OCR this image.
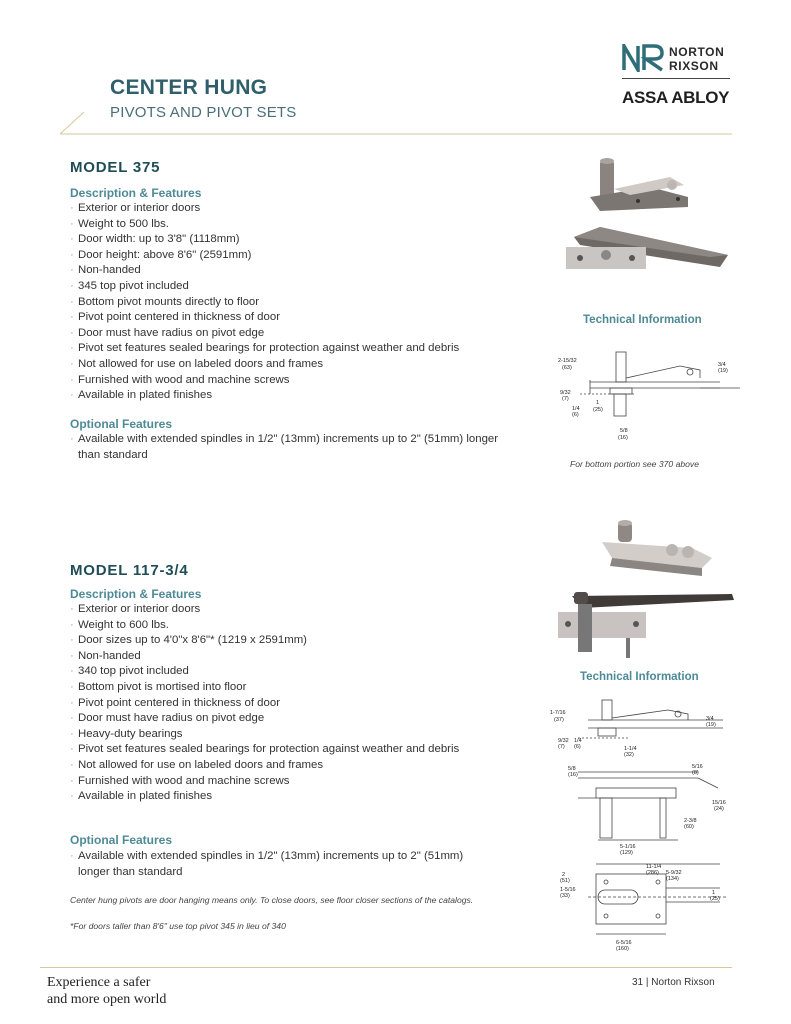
CENTER HUNG
PIVOTS AND PIVOT SETS
NORTON
RIXSON
ASSA ABLOY
MODEL 375
Description & Features
· Exterior or interior doors
· Weight to 500 lbs.
· Door width: up to 3'8" (1118mm)
· Door height: above 8'6" (2591mm)
· Non-handed
· 345 top pivot included
· Bottom pivot mounts directly to floor
· Pivot point centered in thickness of door
· Door must have radius on pivot edge
· Pivot set features sealed bearings for protection against weather and debris
· Not allowed for use on labeled doors and frames
· Furnished with wood and machine screws
· Available in plated finishes
Optional Features
· Available with extended spindles in 1/2" (13mm) increments up to 2" (51mm) longer than standard
Technical Information
2-15/32
(63)	3/4
(19)
9/32
(7)
1
(25)
1/4
(6)
5/8
(16)
For bottom portion see 370 above
MODEL 117-3/4
Description & Features
· Exterior or interior doors
· Weight to 600 lbs.
· Door sizes up to 4'0"x 8'6"* (1219 x 2591mm)
· Non-handed
· 340 top pivot included
· Bottom pivot is mortised into floor
· Pivot point centered in thickness of door
· Door must have radius on pivot edge
· Heavy-duty bearings
· Pivot set features sealed bearings for protection against weather and debris
· Not allowed for use on labeled doors and frames
· Furnished with wood and machine screws
· Available in plated finishes
Optional Features
· Available with extended spindles in 1/2" (13mm) increments up to 2" (51mm) longer than standard
Center hung pivots are door hanging means only. To close doors, see floor closer sections of the catalogs.
*For doors taller than 8'6" use top pivot 345 in lieu of 340
Technical Information
1-7/16
(37)	3/4
(19)
9/32
(7)
1/4
(6)	1-1/4
(32)
5/8
(16)
5/16
(8)
15/16
(24)
2-3/8
(60)
5-1/16
(129)
11-1/4
(286) 5-9/32
(134)
2
(51)
1-5/16
(33)	1
(25)
6-5/16
(160)
Experience a safer
and more open world
31 | Norton Rixson
